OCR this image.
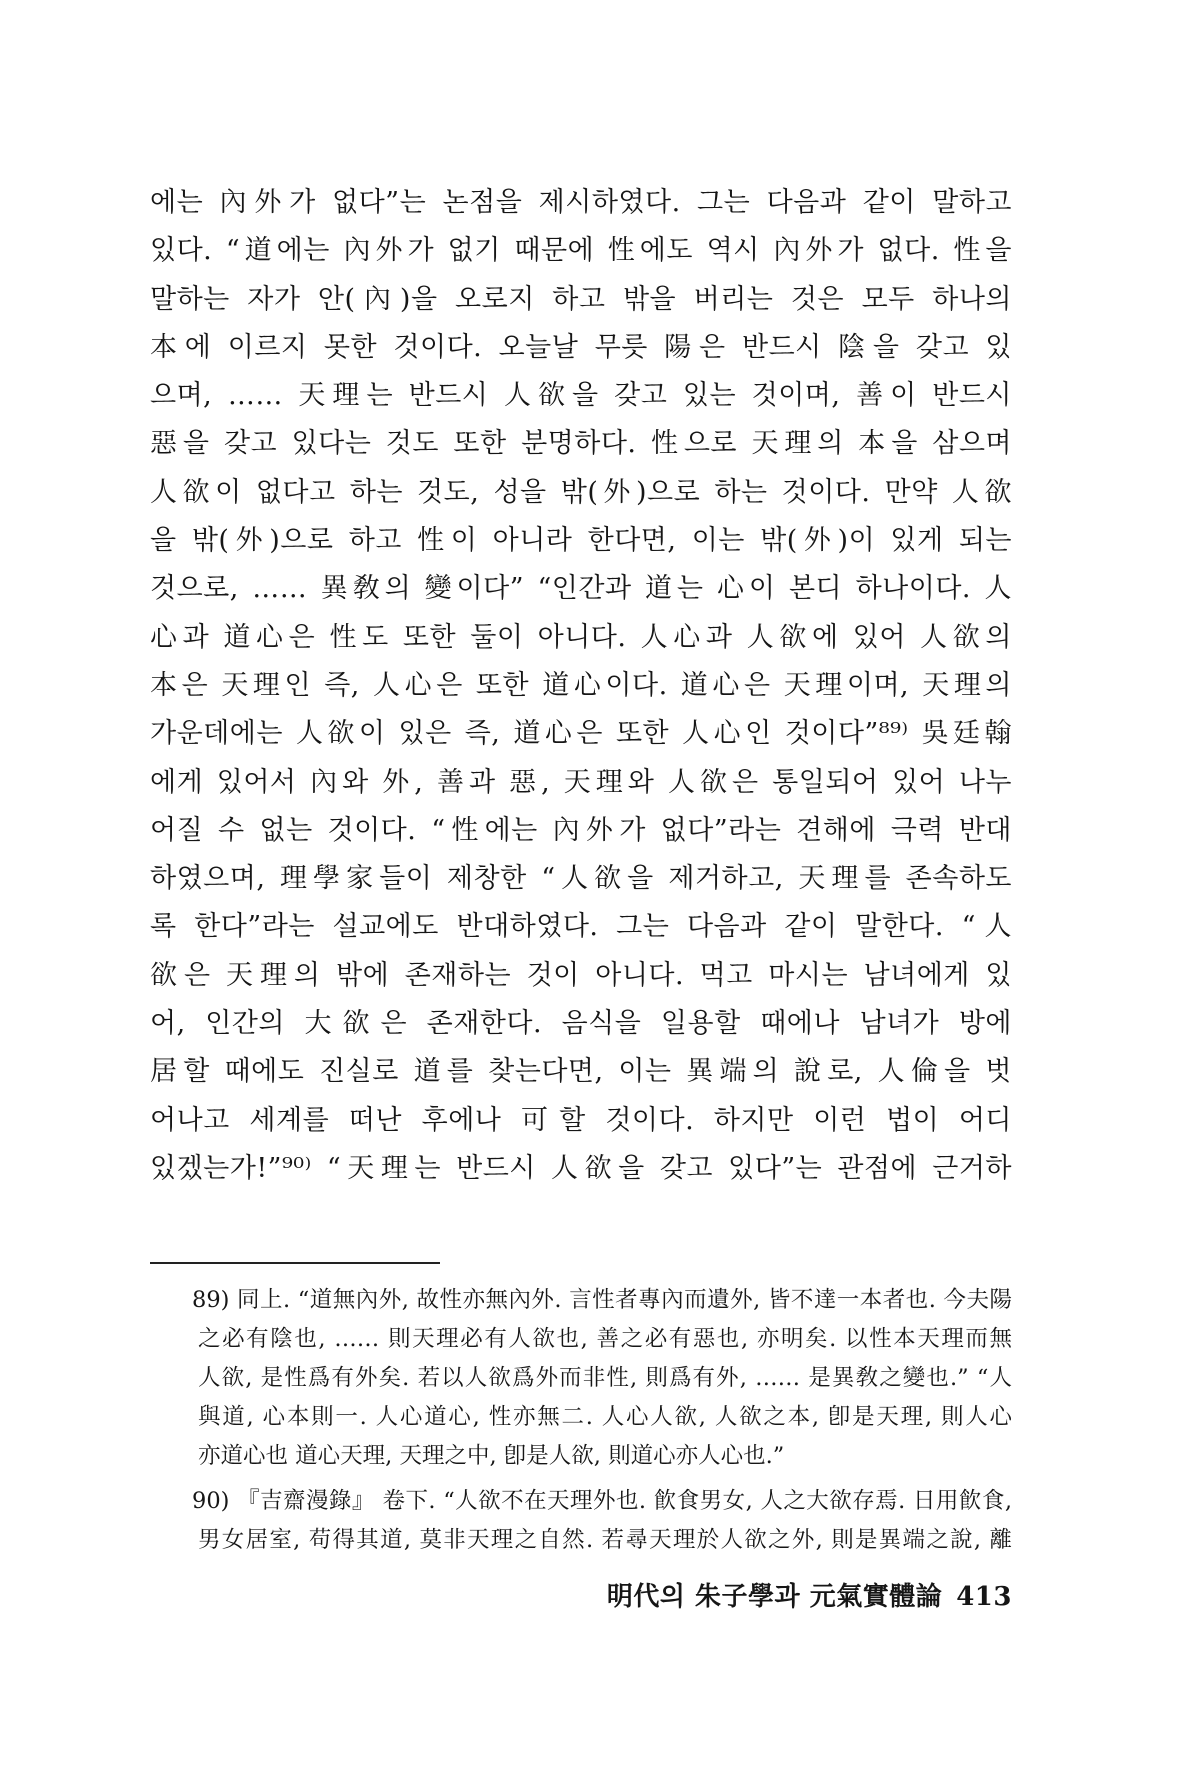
에는 內外가 없다”는 논점을 제시하였다. 그는 다음과 같이 말하고
있다. “道에는 內外가 없기 때문에 性에도 역시 內外가 없다. 性을
말하는 자가 안(內)을 오로지 하고 밖을 버리는 것은 모두 하나의
本에 이르지 못한 것이다. 오늘날 무릇 陽은 반드시 陰을 갖고 있
으며, …… 天理는 반드시 人欲을 갖고 있는 것이며, 善이 반드시
惡을 갖고 있다는 것도 또한 분명하다. 性으로 天理의 本을 삼으며
人欲이 없다고 하는 것도, 성을 밖(外)으로 하는 것이다. 만약 人欲
을 밖(外)으로 하고 性이 아니라 한다면, 이는 밖(外)이 있게 되는
것으로, …… 異敎의 變이다” “인간과 道는 心이 본디 하나이다. 人
心과 道心은 性도 또한 둘이 아니다. 人心과 人欲에 있어 人欲의
本은 天理인 즉, 人心은 또한 道心이다. 道心은 天理이며, 天理의
가운데에는 人欲이 있은 즉, 道心은 또한 人心인 것이다”⁸⁹⁾ 吳廷翰
에게 있어서 內와 外, 善과 惡, 天理와 人欲은 통일되어 있어 나누
어질 수 없는 것이다. “性에는 內外가 없다”라는 견해에 극력 반대
하였으며, 理學家들이 제창한 “人欲을 제거하고, 天理를 존속하도
록 한다”라는 설교에도 반대하였다. 그는 다음과 같이 말한다. “人
欲은 天理의 밖에 존재하는 것이 아니다. 먹고 마시는 남녀에게 있
어, 인간의 大欲은 존재한다. 음식을 일용할 때에나 남녀가 방에
居할 때에도 진실로 道를 찾는다면, 이는 異端의 說로, 人倫을 벗
어나고 세계를 떠난 후에나 可할 것이다. 하지만 이런 법이 어디
있겠는가!”⁹⁰⁾ “天理는 반드시 人欲을 갖고 있다”는 관점에 근거하
89) 同上. “道無內外, 故性亦無內外. 言性者專內而遺外, 皆不達一本者也. 今夫陽
之必有陰也, …… 則天理必有人欲也, 善之必有惡也, 亦明矣. 以性本天理而無
人欲, 是性爲有外矣. 若以人欲爲外而非性, 則爲有外, …… 是異敎之變也.” “人
與道, 心本則一. 人心道心, 性亦無二. 人心人欲, 人欲之本, 卽是天理, 則人心
亦道心也 道心天理, 天理之中, 卽是人欲, 則道心亦人心也.”
90) 『吉齋漫錄』 卷下. “人欲不在天理外也. 飮食男女, 人之大欲存焉. 日用飮食,
男女居室, 苟得其道, 莫非天理之自然. 若尋天理於人欲之外, 則是異端之說, 離
明代의 朱子學과 元氣實體論 413
